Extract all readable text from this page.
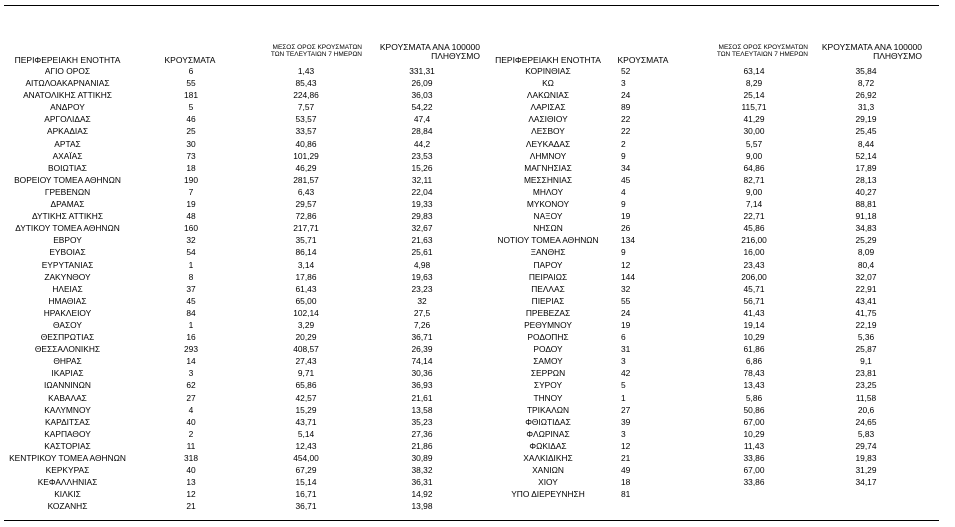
ΠΕΡΙΦΕΡΕΙΑΚΗ ΕΝΟΤΗΤΑ	ΚΡΟΥΣΜΑΤΑ
ΜΕΣΟΣ ΟΡΟΣ ΚΡΟΥΣΜΑΤΩΝ
ΤΩΝ ΤΕΛΕΥΤΑΙΩΝ 7 ΗΜΕΡΩΝ
ΚΡΟΥΣΜΑΤΑ ΑΝΑ 100000
ΠΛΗΘΥΣΜΟ
ΑΓΙΟ ΟΡΟΣ	6	1,43	331,31
ΑΙΤΩΛΟΑΚΑΡΝΑΝΙΑΣ	55	85,43	26,09
ΑΝΑΤΟΛΙΚΗΣ ΑΤΤΙΚΗΣ	181	224,86	36,03
ΑΝΔΡΟΥ	5	7,57	54,22
ΑΡΓΟΛΙΔΑΣ	46	53,57	47,4
ΑΡΚΑΔΙΑΣ	25	33,57	28,84
ΑΡΤΑΣ	30	40,86	44,2
ΑΧΑΪΑΣ	73	101,29	23,53
ΒΟΙΩΤΙΑΣ	18	46,29	15,26
ΒΟΡΕΙΟΥ ΤΟΜΕΑ ΑΘΗΝΩΝ	190	281,57	32,11
ΓΡΕΒΕΝΩΝ	7	6,43	22,04
ΔΡΑΜΑΣ	19	29,57	19,33
ΔΥΤΙΚΗΣ ΑΤΤΙΚΗΣ	48	72,86	29,83
ΔΥΤΙΚΟΥ ΤΟΜΕΑ ΑΘΗΝΩΝ	160	217,71	32,67
ΕΒΡΟΥ	32	35,71	21,63
ΕΥΒΟΙΑΣ	54	86,14	25,61
ΕΥΡΥΤΑΝΙΑΣ	1	3,14	4,98
ΖΑΚΥΝΘΟΥ	8	17,86	19,63
ΗΛΕΙΑΣ	37	61,43	23,23
ΗΜΑΘΙΑΣ	45	65,00	32
ΗΡΑΚΛΕΙΟΥ	84	102,14	27,5
ΘΑΣΟΥ	1	3,29	7,26
ΘΕΣΠΡΩΤΙΑΣ	16	20,29	36,71
ΘΕΣΣΑΛΟΝΙΚΗΣ	293	408,57	26,39
ΘΗΡΑΣ	14	27,43	74,14
ΙΚΑΡΙΑΣ	3	9,71	30,36
ΙΩΑΝΝΙΝΩΝ	62	65,86	36,93
ΚΑΒΑΛΑΣ	27	42,57	21,61
ΚΑΛΥΜΝΟΥ	4	15,29	13,58
ΚΑΡΔΙΤΣΑΣ	40	43,71	35,23
ΚΑΡΠΑΘΟΥ	2	5,14	27,36
ΚΑΣΤΟΡΙΑΣ	11	12,43	21,86
ΚΕΝΤΡΙΚΟΥ ΤΟΜΕΑ ΑΘΗΝΩΝ	318	454,00	30,89
ΚΕΡΚΥΡΑΣ	40	67,29	38,32
ΚΕΦΑΛΛΗΝΙΑΣ	13	15,14	36,31
ΚΙΛΚΙΣ	12	16,71	14,92
ΚΟΖΑΝΗΣ	21	36,71	13,98
ΠΕΡΙΦΕΡΕΙΑΚΗ ΕΝΟΤΗΤΑ ΚΡΟΥΣΜΑΤΑ
ΜΕΣΟΣ ΟΡΟΣ ΚΡΟΥΣΜΑΤΩΝ
ΤΩΝ ΤΕΛΕΥΤΑΙΩΝ 7 ΗΜΕΡΩΝ
ΚΡΟΥΣΜΑΤΑ ΑΝΑ 100000
ΠΛΗΘΥΣΜΟ
ΚΟΡΙΝΘΙΑΣ	52	63,14	35,84
ΚΩ	3	8,29	8,72
ΛΑΚΩΝΙΑΣ	24	25,14	26,92
ΛΑΡΙΣΑΣ	89	115,71	31,3
ΛΑΣΙΘΙΟΥ	22	41,29	29,19
ΛΕΣΒΟΥ	22	30,00	25,45
ΛΕΥΚΑΔΑΣ	2	5,57	8,44
ΛΗΜΝΟΥ	9	9,00	52,14
ΜΑΓΝΗΣΙΑΣ	34	64,86	17,89
ΜΕΣΣΗΝΙΑΣ	45	82,71	28,13
ΜΗΛΟΥ	4	9,00	40,27
ΜΥΚΟΝΟΥ	9	7,14	88,81
ΝΑΞΟΥ	19	22,71	91,18
ΝΗΣΩΝ	26	45,86	34,83
ΝΟΤΙΟΥ ΤΟΜΕΑ ΑΘΗΝΩΝ	134	216,00	25,29
ΞΑΝΘΗΣ	9	16,00	8,09
ΠΑΡΟΥ	12	23,43	80,4
ΠΕΙΡΑΙΩΣ	144	206,00	32,07
ΠΕΛΛΑΣ	32	45,71	22,91
ΠΙΕΡΙΑΣ	55	56,71	43,41
ΠΡΕΒΕΖΑΣ	24	41,43	41,75
ΡΕΘΥΜΝΟΥ	19	19,14	22,19
ΡΟΔΟΠΗΣ	6	10,29	5,36
ΡΟΔΟΥ	31	61,86	25,87
ΣΑΜΟΥ	3	6,86	9,1
ΣΕΡΡΩΝ	42	78,43	23,81
ΣΥΡΟΥ	5	13,43	23,25
ΤΗΝΟΥ	1	5,86	11,58
ΤΡΙΚΑΛΩΝ	27	50,86	20,6
ΦΘΙΩΤΙΔΑΣ	39	67,00	24,65
ΦΛΩΡΙΝΑΣ	3	10,29	5,83
ΦΩΚΙΔΑΣ	12	11,43	29,74
ΧΑΛΚΙΔΙΚΗΣ	21	33,86	19,83
ΧΑΝΙΩΝ	49	67,00	31,29
ΧΙΟΥ	18	33,86	34,17
ΥΠΟ ΔΙΕΡΕΥΝΗΣΗ	81
